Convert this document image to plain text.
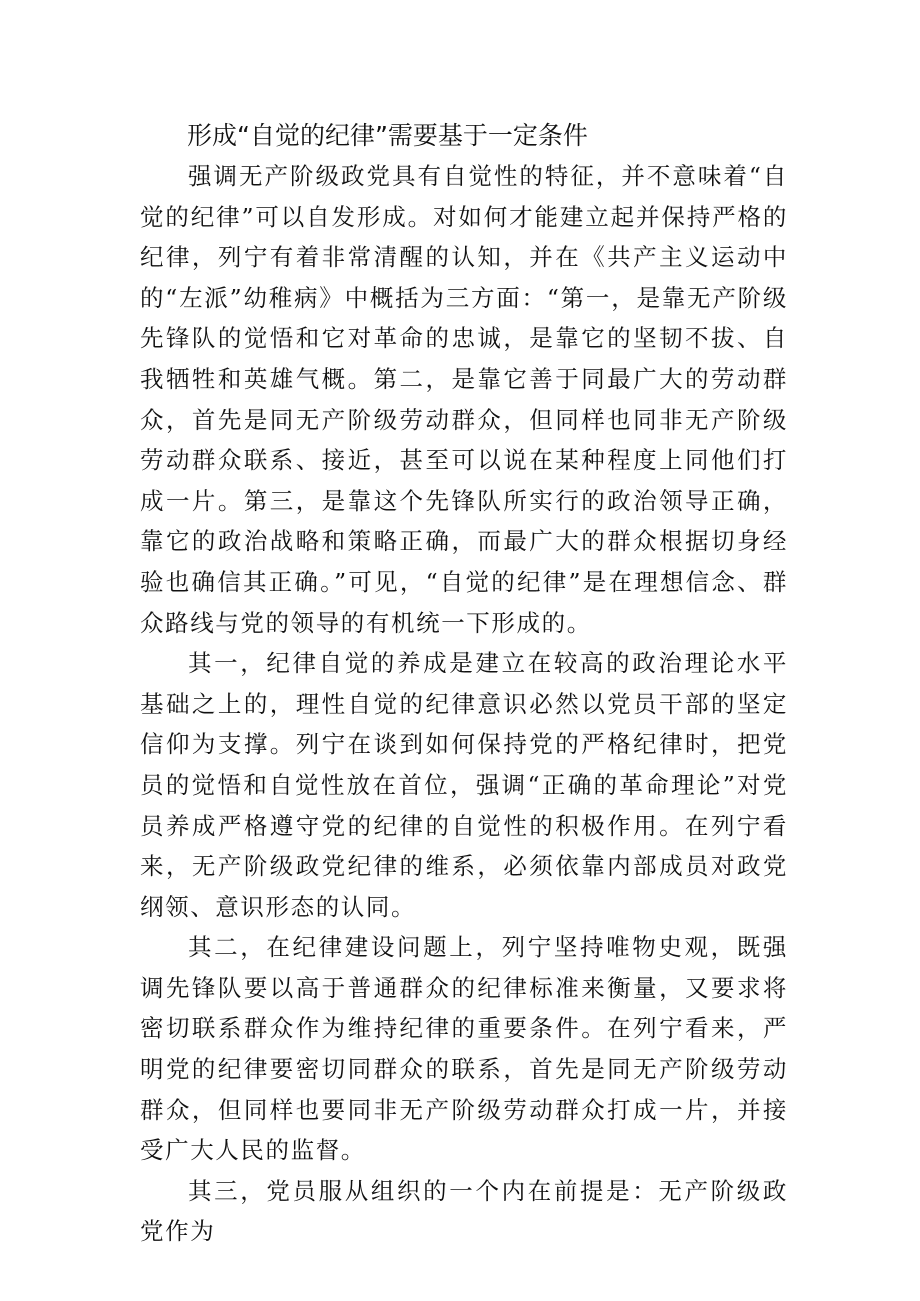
形成“自觉的纪律”需要基于一定条件

强调无产阶级政党具有自觉性的特征，并不意味着“自觉的纪律”可以自发形成。对如何才能建立起并保持严格的纪律，列宁有着非常清醒的认知，并在《共产主义运动中的“左派”幼稚病》中概括为三方面：“第一，是靠无产阶级先锋队的觉悟和它对革命的忠诚，是靠它的坚韧不拔、自我牺牲和英雄气概。第二，是靠它善于同最广大的劳动群众，首先是同无产阶级劳动群众，但同样也同非无产阶级劳动群众联系、接近，甚至可以说在某种程度上同他们打成一片。第三，是靠这个先锋队所实行的政治领导正确，靠它的政治战略和策略正确，而最广大的群众根据切身经验也确信其正确。”可见，“自觉的纪律”是在理想信念、群众路线与党的领导的有机统一下形成的。

其一，纪律自觉的养成是建立在较高的政治理论水平基础之上的，理性自觉的纪律意识必然以党员干部的坚定信仰为支撑。列宁在谈到如何保持党的严格纪律时，把党员的觉悟和自觉性放在首位，强调“正确的革命理论”对党员养成严格遵守党的纪律的自觉性的积极作用。在列宁看来，无产阶级政党纪律的维系，必须依靠内部成员对政党纲领、意识形态的认同。

其二，在纪律建设问题上，列宁坚持唯物史观，既强调先锋队要以高于普通群众的纪律标准来衡量，又要求将密切联系群众作为维持纪律的重要条件。在列宁看来，严明党的纪律要密切同群众的联系，首先是同无产阶级劳动群众，但同样也要同非无产阶级劳动群众打成一片，并接受广大人民的监督。

其三，党员服从组织的一个内在前提是：无产阶级政党作为
